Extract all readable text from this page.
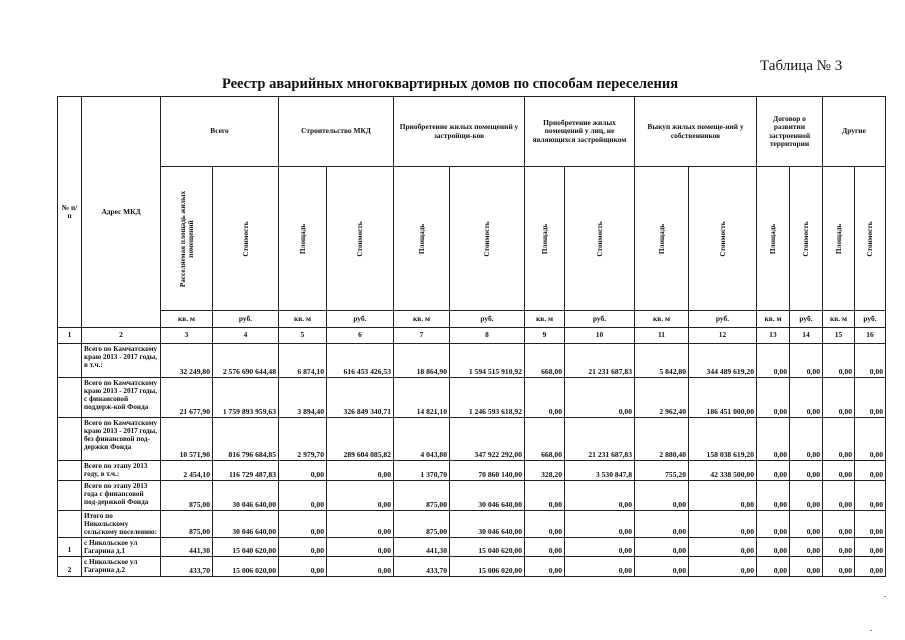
Таблица № 3
Реестр аварийных многоквартирных домов по способам переселения
№ п/п	Адрес МКД	Всего		Строительство МКД		Приобретение жилых помещений у застройщи-ков		Приобретение жилых помещений у лиц, не являющихся застройщиком		Выкуп жилых помеще-ний у собственников		Договор о развитии застроенной территории		Другие	

		Расселяемая площадь жилых помещений	Стоимость	Площадь	Стоимость	Площадь	Стоимость	Площадь	Стоимость	Площадь	Стоимость	Площадь	Стоимость	Площадь	Стоимость

		кв. м	руб.	кв. м	руб.	кв. м	руб.	кв. м	руб.	кв. м	руб.	кв. м	руб.	кв. м	руб.
1	2	3	4	5	6	7	8	9	10	11	12	13	14	15	16
	Всего по Камчатскому краю 2013 - 2017 годы, в т.ч.:	32 249,80	2 576 690 644,48	6 874,10	616 453 426,53	18 864,90	1 594 515 910,92	668,00	21 231 687,83	5 842,80	344 489 619,20	0,00	0,00	0,00	0,00
	Всего по Камчатскому краю 2013 - 2017 годы, с финансовой поддерж-кой Фонда	21 677,90	1 759 893 959,63	3 894,40	326 849 340,71	14 821,10	1 246 593 618,92	0,00	0,00	2 962,40	186 451 000,00	0,00	0,00	0,00	0,00
	Всего по Камчатскому краю 2013 - 2017 годы, без финансовой под-держки Фонда	10 571,90	816 796 684,85	2 979,70	289 604 085,82	4 043,80	347 922 292,00	668,00	21 231 687,83	2 880,40	158 038 619,20	0,00	0,00	0,00	0,00
	Всего по этапу 2013 году, в т.ч.:	2 454,10	116 729 487,83	0,00	0,00	1 370,70	70 860 140,00	328,20	3 530 847,8	755,20	42 338 500,00	0,00	0,00	0,00	0,00
	Всего по этапу 2013 года с финансовой под-держкой Фонда	875,00	30 046 640,00	0,00	0,00	875,00	30 046 640,00	0,00	0,00	0,00	0,00	0,00	0,00	0,00	0,00
	Итого по Никольскому сельскому поселению:	875,00	30 046 640,00	0,00	0,00	875,00	30 046 640,00	0,00	0,00	0,00	0,00	0,00	0,00	0,00	0,00
1	с Никольское ул Гагарина д.1	441,30	15 040 620,00	0,00	0,00	441,30	15 040 620,00	0,00	0,00	0,00	0,00	0,00	0,00	0,00	0,00
2	с Никольское ул Гагарина д.2	433,70	15 006 020,00	0,00	0,00	433,70	15 006 020,00	0,00	0,00	0,00	0,00	0,00	0,00	0,00	0,00
